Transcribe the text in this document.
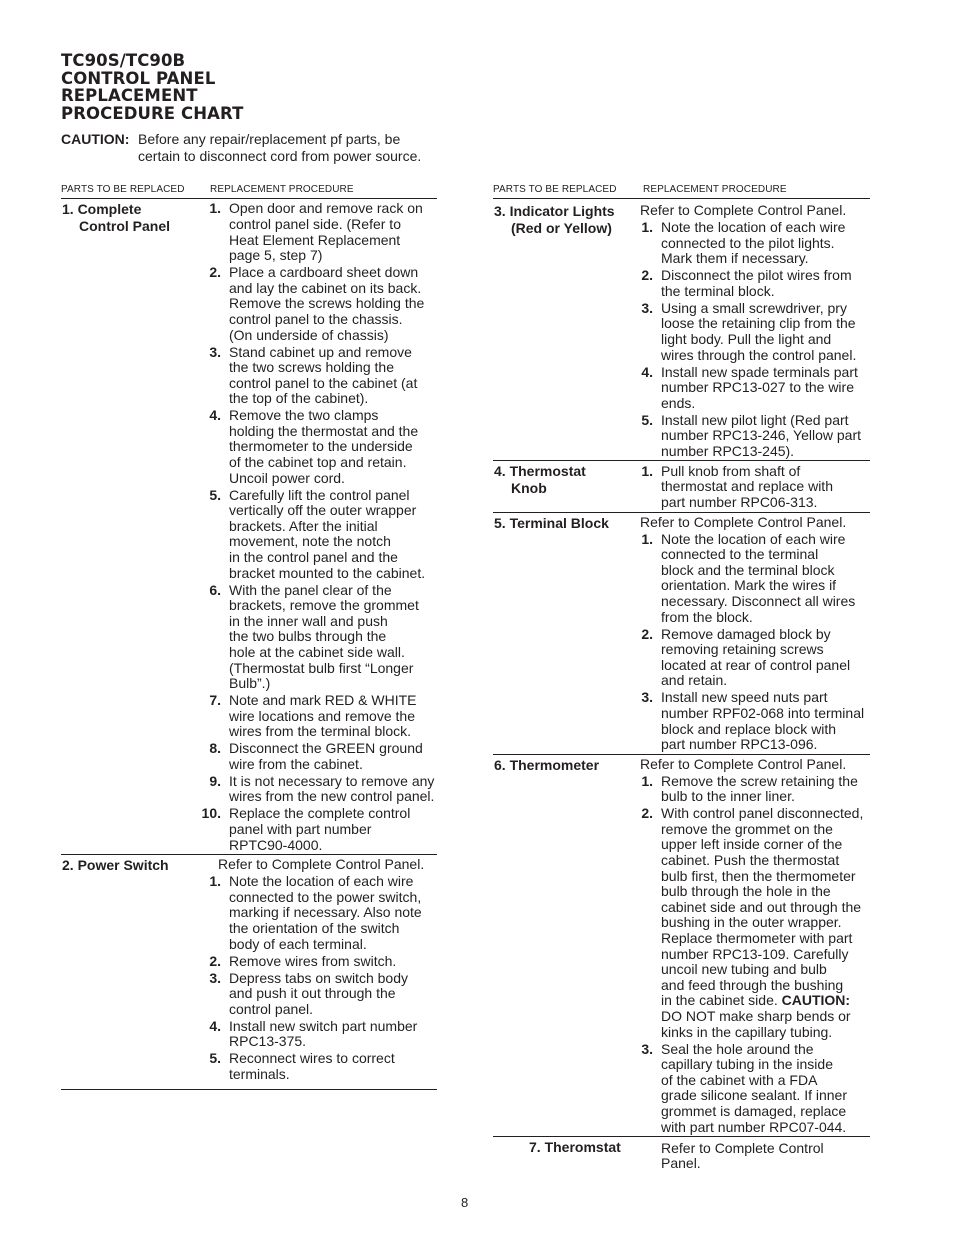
TC90S/TC90B
CONTROL PANEL
REPLACEMENT
PROCEDURE CHART
CAUTION: Before any repair/replacement pf parts, be
certain to disconnect cord from power source.
PARTS TO BE REPLACED	REPLACEMENT PROCEDURE
1. Complete
Control Panel
1. Open door and remove rack on
control panel side. (Refer to
Heat Element Replacement
page 5, step 7)
2. Place a cardboard sheet down
and lay the cabinet on its back.
Remove the screws holding the
control panel to the chassis.
(On underside of chassis)
3. Stand cabinet up and remove
the two screws holding the
control panel to the cabinet (at
the top of the cabinet).
4. Remove the two clamps
holding the thermostat and the
thermometer to the underside
of the cabinet top and retain.
Uncoil power cord.
5. Carefully lift the control panel
vertically off the outer wrapper
brackets. After the initial
movement, note the notch
in the control panel and the
bracket mounted to the cabinet.
6. With the panel clear of the
brackets, remove the grommet
in the inner wall and push
the two bulbs through the
hole at the cabinet side wall.
(Thermostat bulb first “Longer
Bulb”.)
7. Note and mark RED & WHITE
wire locations and remove the
wires from the terminal block.
8. Disconnect the GREEN ground
wire from the cabinet.
9. It is not necessary to remove any
wires from the new control panel.
10. Replace the complete control
panel with part number
RPTC90-4000.
2. Power Switch	Refer to Complete Control Panel.
1. Note the location of each wire
connected to the power switch,
marking if necessary. Also note
the orientation of the switch
body of each terminal.
2. Remove wires from switch.
3. Depress tabs on switch body
and push it out through the
control panel.
4. Install new switch part number
RPC13-375.
5. Reconnect wires to correct
terminals.
PARTS TO BE REPLACED	REPLACEMENT PROCEDURE
3. Indicator Lights
(Red or Yellow)
Refer to Complete Control Panel.
1. Note the location of each wire
connected to the pilot lights.
Mark them if necessary.
2. Disconnect the pilot wires from
the terminal block.
3. Using a small screwdriver, pry
loose the retaining clip from the
light body. Pull the light and
wires through the control panel.
4. Install new spade terminals part
number RPC13-027 to the wire
ends.
5. Install new pilot light (Red part
number RPC13-246, Yellow part
number RPC13-245).
4. Thermostat
Knob
1. Pull knob from shaft of
thermostat and replace with
part number RPC06-313.
5. Terminal Block Refer to Complete Control Panel.
1. Note the location of each wire
connected to the terminal
block and the terminal block
orientation. Mark the wires if
necessary. Disconnect all wires
from the block.
2. Remove damaged block by
removing retaining screws
located at rear of control panel
and retain.
3. Install new speed nuts part
number RPF02-068 into terminal
block and replace block with
part number RPC13-096.
6. Thermometer	Refer to Complete Control Panel.
1. Remove the screw retaining the
bulb to the inner liner.
2. With control panel disconnected,
remove the grommet on the
upper left inside corner of the
cabinet. Push the thermostat
bulb first, then the thermometer
bulb through the hole in the
cabinet side and out through the
bushing in the outer wrapper.
Replace thermometer with part
number RPC13-109. Carefully
uncoil new tubing and bulb
and feed through the bushing
in the cabinet side. CAUTION:
DO NOT make sharp bends or
kinks in the capillary tubing.
3. Seal the hole around the
capillary tubing in the inside
of the cabinet with a FDA
grade silicone sealant. If inner
grommet is damaged, replace
with part number RPC07-044.
7. Theromstat	Refer to Complete Control
Panel.
8
